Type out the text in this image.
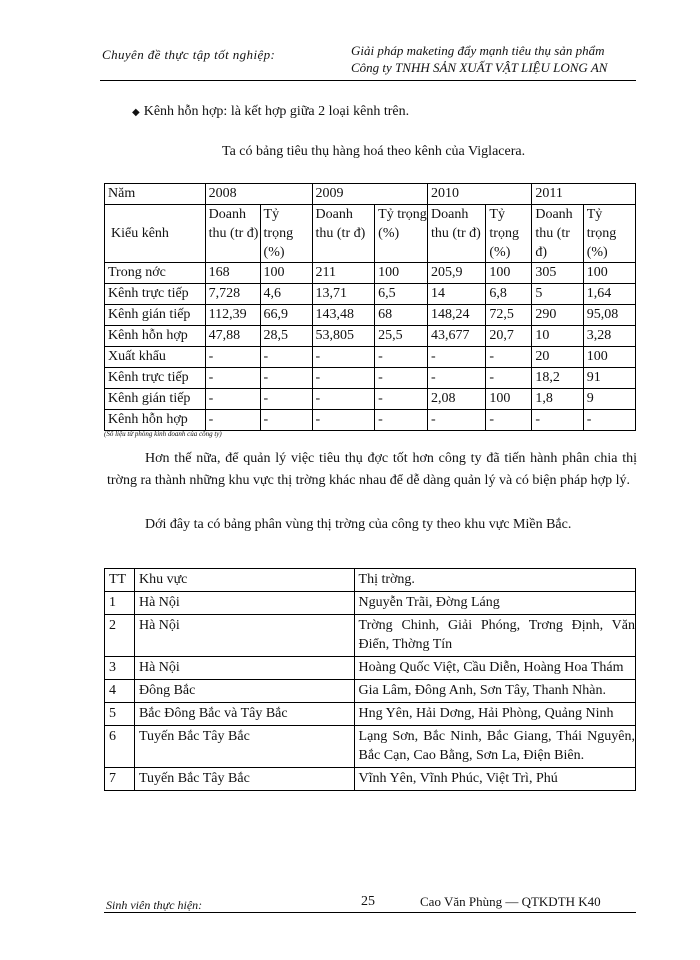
Chuyên đề thực tập tốt nghiệp:	Giải pháp maketing đẩy mạnh tiêu thụ sản phẩm
Công ty TNHH SẢN XUẤT VẬT LIỆU LONG AN
◆ Kênh hỗn hợp: là kết hợp giữa 2 loại kênh trên.
Ta có bảng tiêu thụ hàng hoá theo kênh của Viglacera.
Năm	2008		2009		2010		2011	
Kiểu kênh	Doanh thu (tr đ)	Tỷ trọng (%)	Doanh thu (tr đ)	Tỷ trọng (%)	Doanh thu (tr đ)	Tỷ trọng (%)	Doanh thu (tr đ)	Tỷ trọng (%)
Trong nớc	168	100	211	100	205,9	100	305	100
Kênh trực tiếp	7,728	4,6	13,71	6,5	14	6,8	5	1,64
Kênh gián tiếp	112,39	66,9	143,48	68	148,24	72,5	290	95,08
Kênh hỗn hợp	47,88	28,5	53,805	25,5	43,677	20,7	10	3,28
Xuất khẩu	-	-	-	-	-	-	20	100
Kênh trực tiếp	-	-	-	-	-	-	18,2	91
Kênh gián tiếp	-	-	-	-	2,08	100	1,8	9
Kênh hỗn hợp	-	-	-	-	-	-	-	-
(Số liệu từ phòng kinh doanh của công ty)
Hơn thế nữa, để quản lý việc tiêu thụ đợc tốt hơn công ty đã tiến hành phân chia thị trờng ra thành những khu vực thị trờng khác nhau để dễ dàng quản lý và có biện pháp hợp lý.
Dới đây ta có bảng phân vùng thị trờng của công ty theo khu vực Miền Bắc.
TT	Khu vực	Thị trờng.
1	Hà Nội	Nguyễn Trãi, Đờng Láng
2	Hà Nội	Trờng Chinh, Giải Phóng, Trơng Định, Văn Điển, Thờng Tín
3	Hà Nội	Hoàng Quốc Việt, Cầu Diễn, Hoàng Hoa Thám
4	Đông Bắc	Gia Lâm, Đông Anh, Sơn Tây, Thanh Nhàn.
5	Bắc Đông Bắc và Tây Bắc	Hng Yên, Hải Dơng, Hải Phòng, Quảng Ninh
6	Tuyến Bắc Tây Bắc	Lạng Sơn, Bắc Ninh, Bắc Giang, Thái Nguyên, Bắc Cạn, Cao Bằng, Sơn La, Điện Biên.
7	Tuyến Bắc Tây Bắc	Vĩnh Yên, Vĩnh Phúc, Việt Trì, Phú
Sinh viên thực hiện:	25	Cao Văn Phùng — QTKDTH K40
